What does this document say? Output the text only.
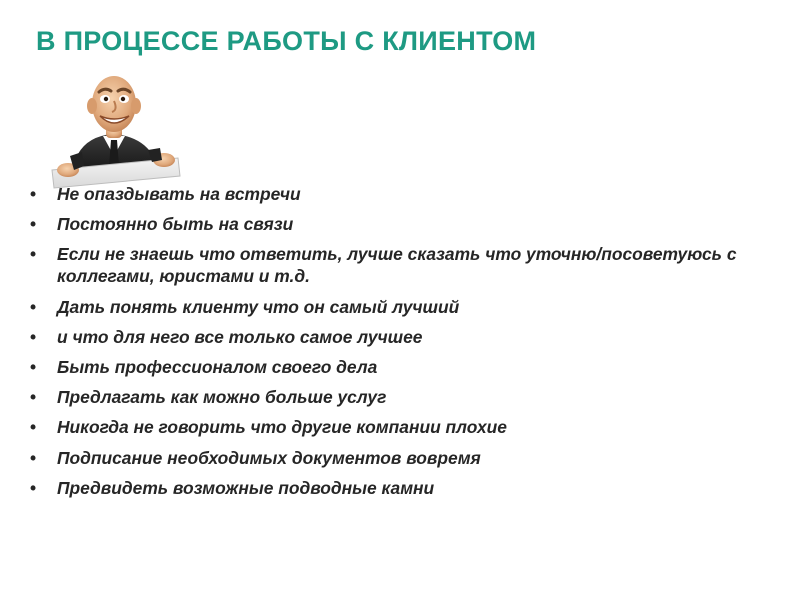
В ПРОЦЕССЕ РАБОТЫ С КЛИЕНТОМ
• Не опаздывать на встречи
• Постоянно быть на связи
• Если не знаешь что ответить, лучше сказать что уточню/посоветуюсь с коллегами, юристами и т.д.
• Дать понять клиенту что он самый лучший
• и что для него все только самое лучшее
• Быть профессионалом своего дела
• Предлагать как можно больше услуг
• Никогда не говорить что другие компании плохие
• Подписание необходимых документов вовремя
• Предвидеть возможные подводные камни
